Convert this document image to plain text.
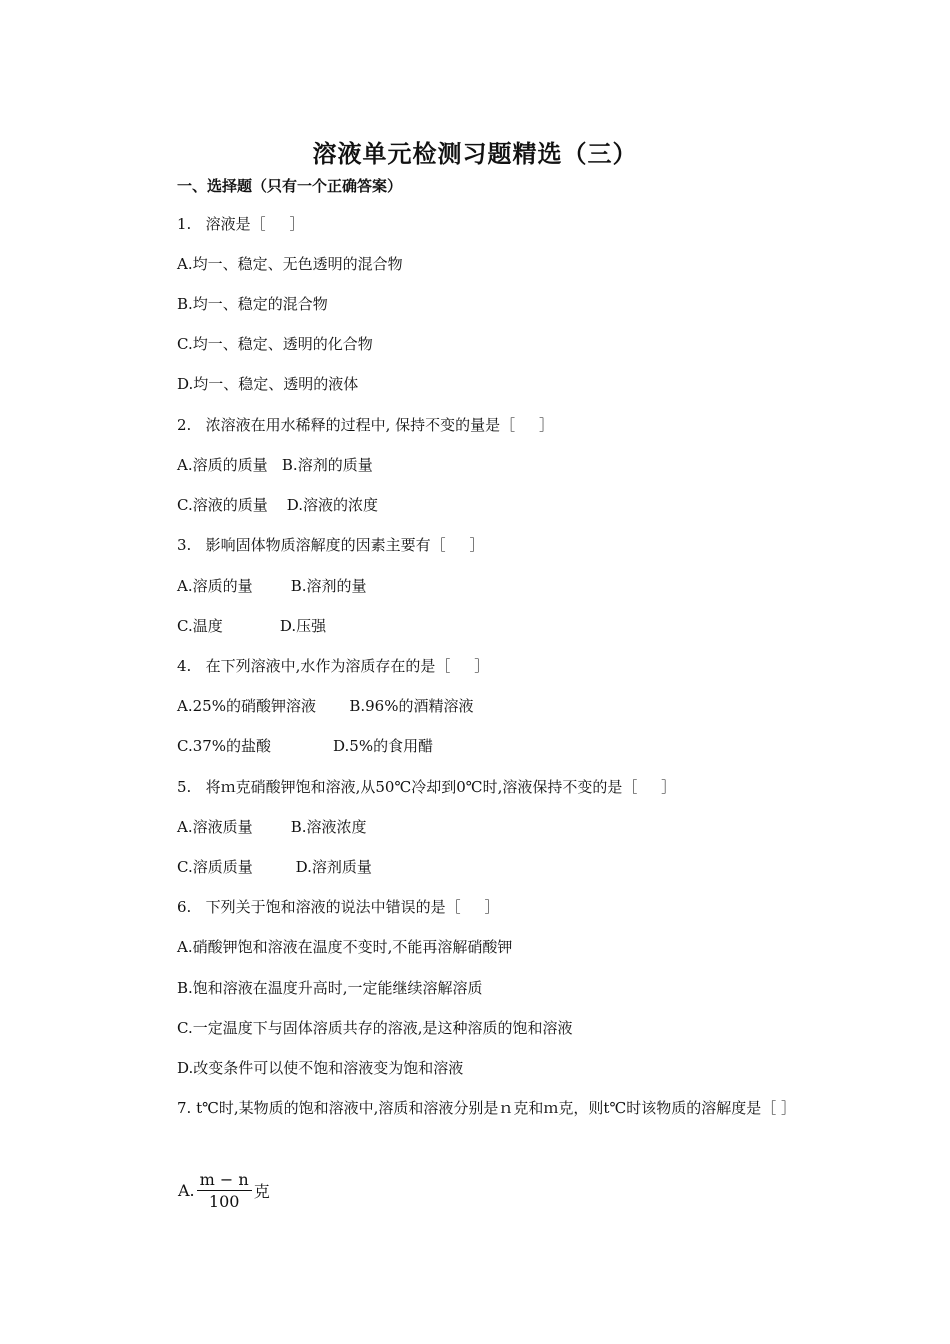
溶液单元检测习题精选（三）
一、选择题（只有一个正确答案）
1.   溶液是［     ］
A.均一、稳定、无色透明的混合物
B.均一、稳定的混合物
C.均一、稳定、透明的化合物
D.均一、稳定、透明的液体
2.   浓溶液在用水稀释的过程中, 保持不变的量是［     ］
A.溶质的质量   B.溶剂的质量
C.溶液的质量    D.溶液的浓度
3.   影响固体物质溶解度的因素主要有［     ］
A.溶质的量        B.溶剂的量
C.温度            D.压强
4.   在下列溶液中,水作为溶质存在的是［     ］
A.25%的硝酸钾溶液       B.96%的酒精溶液
C.37%的盐酸             D.5%的食用醋
5.   将ｍ克硝酸钾饱和溶液,从50℃冷却到0℃时,溶液保持不变的是［     ］
A.溶液质量        B.溶液浓度
C.溶质质量         D.溶剂质量
6.   下列关于饱和溶液的说法中错误的是［     ］
A.硝酸钾饱和溶液在温度不变时,不能再溶解硝酸钾
B.饱和溶液在温度升高时,一定能继续溶解溶质
C.一定温度下与固体溶质共存的溶液,是这种溶质的饱和溶液
D.改变条件可以使不饱和溶液变为饱和溶液
7. t℃时,某物质的饱和溶液中,溶质和溶液分别是ｎ克和ｍ克，则t℃时该物质的溶解度是［ ］
A. $\frac{m - n}{100}$ 克
